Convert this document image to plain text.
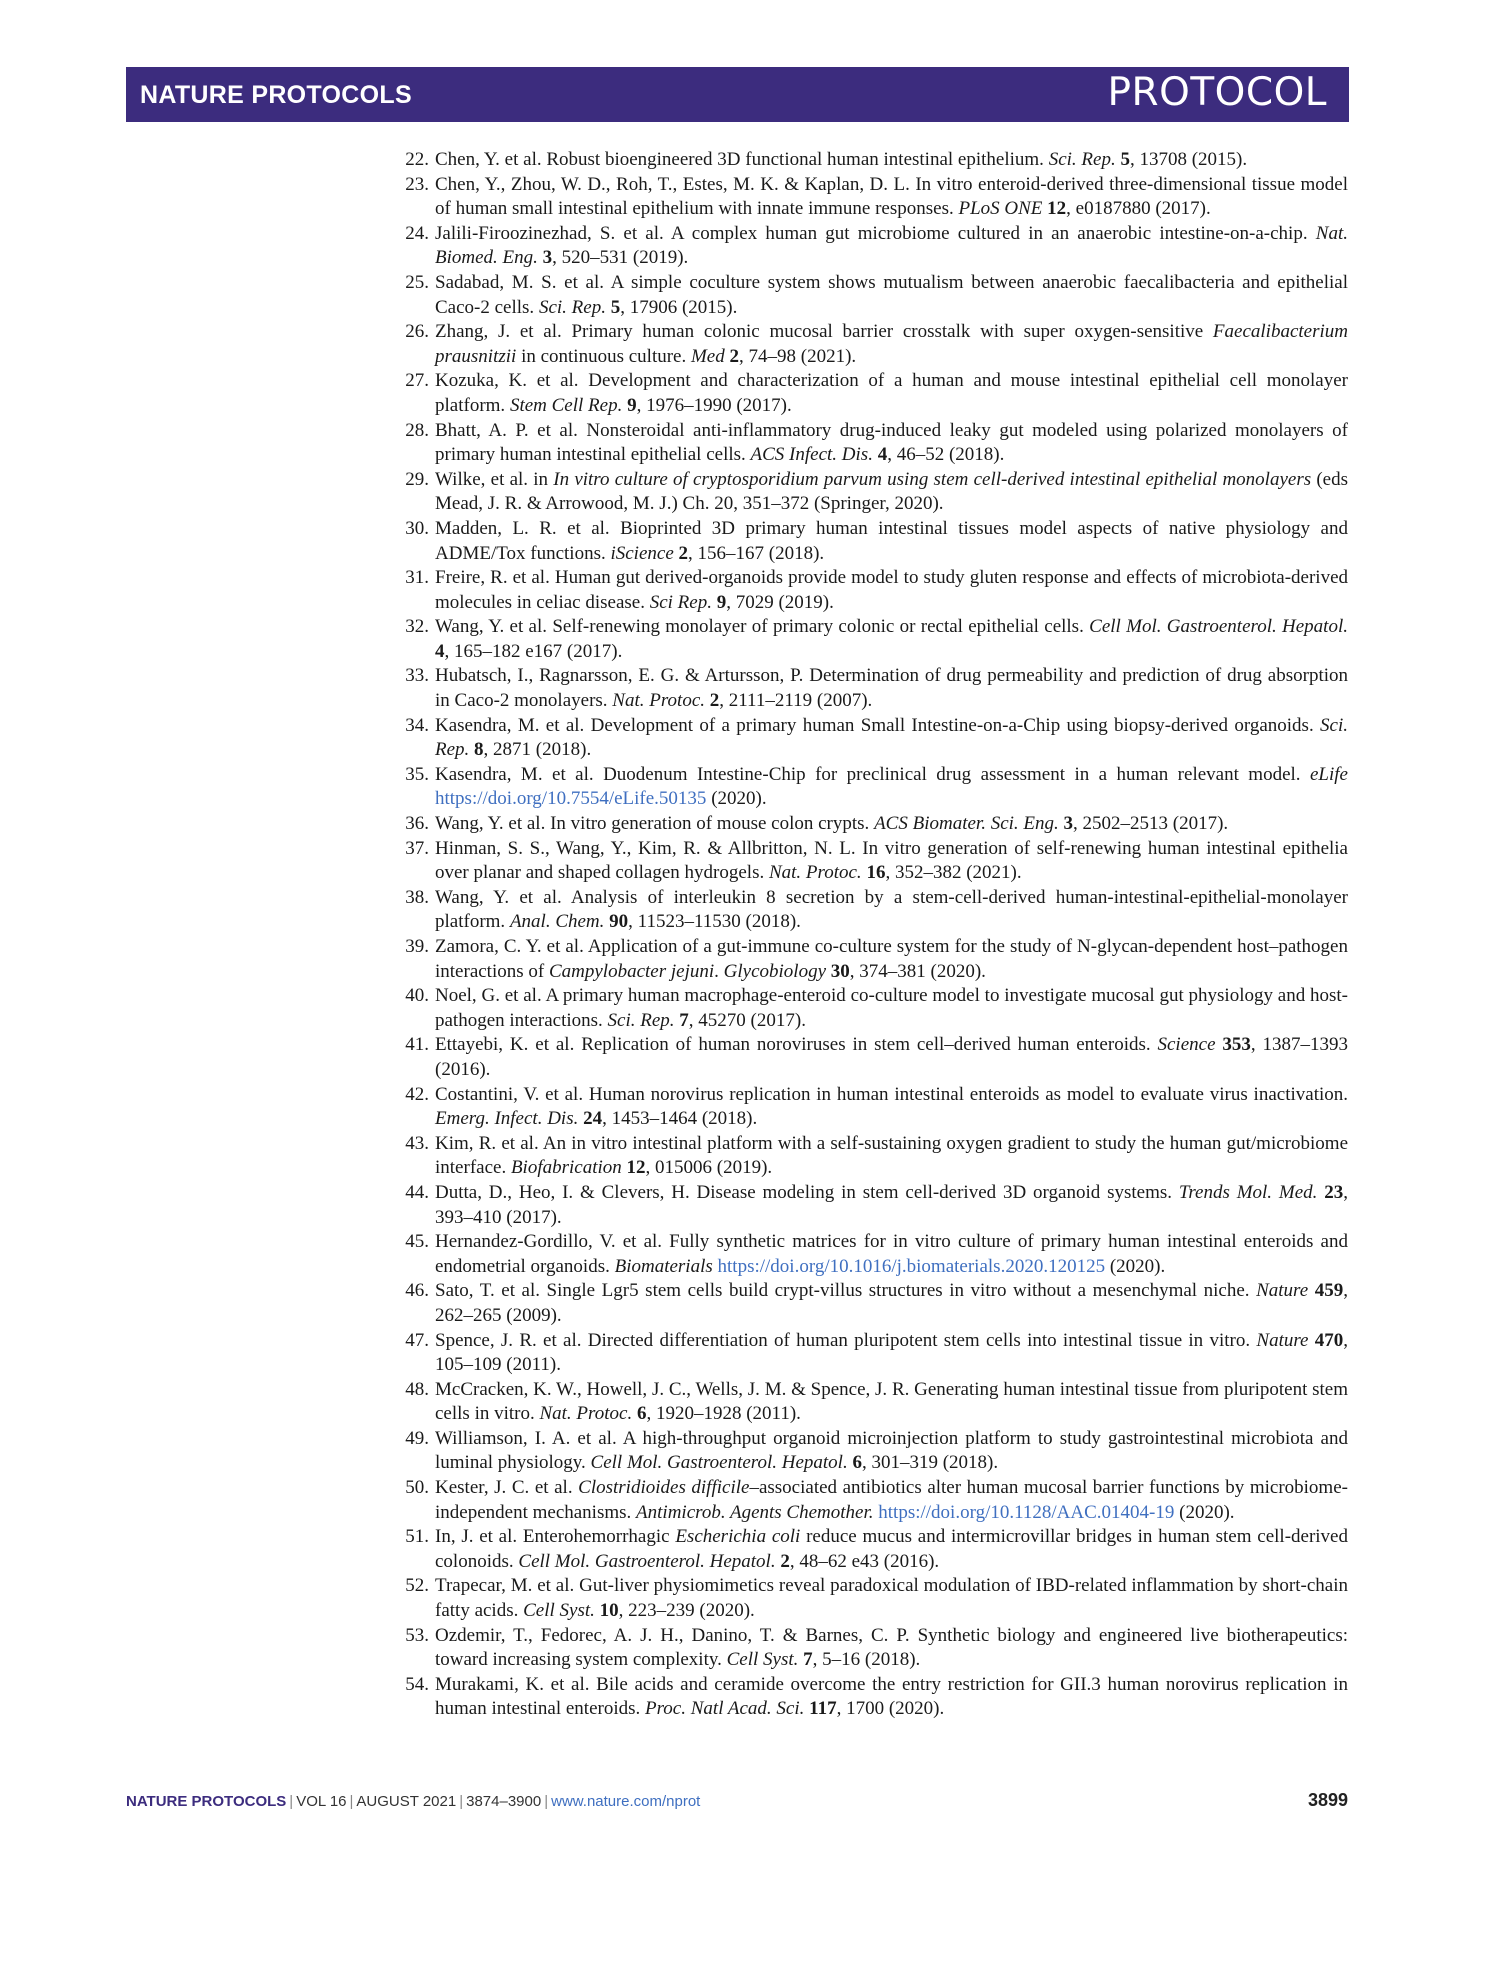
NATURE PROTOCOLS	PROTOCOL
22. Chen, Y. et al. Robust bioengineered 3D functional human intestinal epithelium. Sci. Rep. 5, 13708 (2015).
23. Chen, Y., Zhou, W. D., Roh, T., Estes, M. K. & Kaplan, D. L. In vitro enteroid-derived three-dimensional tissue model of human small intestinal epithelium with innate immune responses. PLoS ONE 12, e0187880 (2017).
24. Jalili-Firoozinezhad, S. et al. A complex human gut microbiome cultured in an anaerobic intestine-on-a-chip. Nat. Biomed. Eng. 3, 520–531 (2019).
25. Sadabad, M. S. et al. A simple coculture system shows mutualism between anaerobic faecalibacteria and epithelial Caco-2 cells. Sci. Rep. 5, 17906 (2015).
26. Zhang, J. et al. Primary human colonic mucosal barrier crosstalk with super oxygen-sensitive Faecalibacterium prausnitzii in continuous culture. Med 2, 74–98 (2021).
27. Kozuka, K. et al. Development and characterization of a human and mouse intestinal epithelial cell monolayer platform. Stem Cell Rep. 9, 1976–1990 (2017).
28. Bhatt, A. P. et al. Nonsteroidal anti-inflammatory drug-induced leaky gut modeled using polarized monolayers of primary human intestinal epithelial cells. ACS Infect. Dis. 4, 46–52 (2018).
29. Wilke, et al. in In vitro culture of cryptosporidium parvum using stem cell-derived intestinal epithelial monolayers (eds Mead, J. R. & Arrowood, M. J.) Ch. 20, 351–372 (Springer, 2020).
30. Madden, L. R. et al. Bioprinted 3D primary human intestinal tissues model aspects of native physiology and ADME/Tox functions. iScience 2, 156–167 (2018).
31. Freire, R. et al. Human gut derived-organoids provide model to study gluten response and effects of microbiota-derived molecules in celiac disease. Sci Rep. 9, 7029 (2019).
32. Wang, Y. et al. Self-renewing monolayer of primary colonic or rectal epithelial cells. Cell Mol. Gastroenterol. Hepatol. 4, 165–182 e167 (2017).
33. Hubatsch, I., Ragnarsson, E. G. & Artursson, P. Determination of drug permeability and prediction of drug absorption in Caco-2 monolayers. Nat. Protoc. 2, 2111–2119 (2007).
34. Kasendra, M. et al. Development of a primary human Small Intestine-on-a-Chip using biopsy-derived organoids. Sci. Rep. 8, 2871 (2018).
35. Kasendra, M. et al. Duodenum Intestine-Chip for preclinical drug assessment in a human relevant model. eLife https://doi.org/10.7554/eLife.50135 (2020).
36. Wang, Y. et al. In vitro generation of mouse colon crypts. ACS Biomater. Sci. Eng. 3, 2502–2513 (2017).
37. Hinman, S. S., Wang, Y., Kim, R. & Allbritton, N. L. In vitro generation of self-renewing human intestinal epithelia over planar and shaped collagen hydrogels. Nat. Protoc. 16, 352–382 (2021).
38. Wang, Y. et al. Analysis of interleukin 8 secretion by a stem-cell-derived human-intestinal-epithelial-monolayer platform. Anal. Chem. 90, 11523–11530 (2018).
39. Zamora, C. Y. et al. Application of a gut-immune co-culture system for the study of N-glycan-dependent host–pathogen interactions of Campylobacter jejuni. Glycobiology 30, 374–381 (2020).
40. Noel, G. et al. A primary human macrophage-enteroid co-culture model to investigate mucosal gut physiology and host-pathogen interactions. Sci. Rep. 7, 45270 (2017).
41. Ettayebi, K. et al. Replication of human noroviruses in stem cell–derived human enteroids. Science 353, 1387–1393 (2016).
42. Costantini, V. et al. Human norovirus replication in human intestinal enteroids as model to evaluate virus inactivation. Emerg. Infect. Dis. 24, 1453–1464 (2018).
43. Kim, R. et al. An in vitro intestinal platform with a self-sustaining oxygen gradient to study the human gut/microbiome interface. Biofabrication 12, 015006 (2019).
44. Dutta, D., Heo, I. & Clevers, H. Disease modeling in stem cell-derived 3D organoid systems. Trends Mol. Med. 23, 393–410 (2017).
45. Hernandez-Gordillo, V. et al. Fully synthetic matrices for in vitro culture of primary human intestinal enteroids and endometrial organoids. Biomaterials https://doi.org/10.1016/j.biomaterials.2020.120125 (2020).
46. Sato, T. et al. Single Lgr5 stem cells build crypt-villus structures in vitro without a mesenchymal niche. Nature 459, 262–265 (2009).
47. Spence, J. R. et al. Directed differentiation of human pluripotent stem cells into intestinal tissue in vitro. Nature 470, 105–109 (2011).
48. McCracken, K. W., Howell, J. C., Wells, J. M. & Spence, J. R. Generating human intestinal tissue from pluripotent stem cells in vitro. Nat. Protoc. 6, 1920–1928 (2011).
49. Williamson, I. A. et al. A high-throughput organoid microinjection platform to study gastrointestinal microbiota and luminal physiology. Cell Mol. Gastroenterol. Hepatol. 6, 301–319 (2018).
50. Kester, J. C. et al. Clostridioides difficile–associated antibiotics alter human mucosal barrier functions by microbiome-independent mechanisms. Antimicrob. Agents Chemother. https://doi.org/10.1128/AAC.01404-19 (2020).
51. In, J. et al. Enterohemorrhagic Escherichia coli reduce mucus and intermicrovillar bridges in human stem cell-derived colonoids. Cell Mol. Gastroenterol. Hepatol. 2, 48–62 e43 (2016).
52. Trapecar, M. et al. Gut-liver physiomimetics reveal paradoxical modulation of IBD-related inflammation by short-chain fatty acids. Cell Syst. 10, 223–239 (2020).
53. Ozdemir, T., Fedorec, A. J. H., Danino, T. & Barnes, C. P. Synthetic biology and engineered live biotherapeutics: toward increasing system complexity. Cell Syst. 7, 5–16 (2018).
54. Murakami, K. et al. Bile acids and ceramide overcome the entry restriction for GII.3 human norovirus replication in human intestinal enteroids. Proc. Natl Acad. Sci. 117, 1700 (2020).
NATURE PROTOCOLS | VOL 16 | AUGUST 2021 | 3874–3900 | www.nature.com/nprot	3899
